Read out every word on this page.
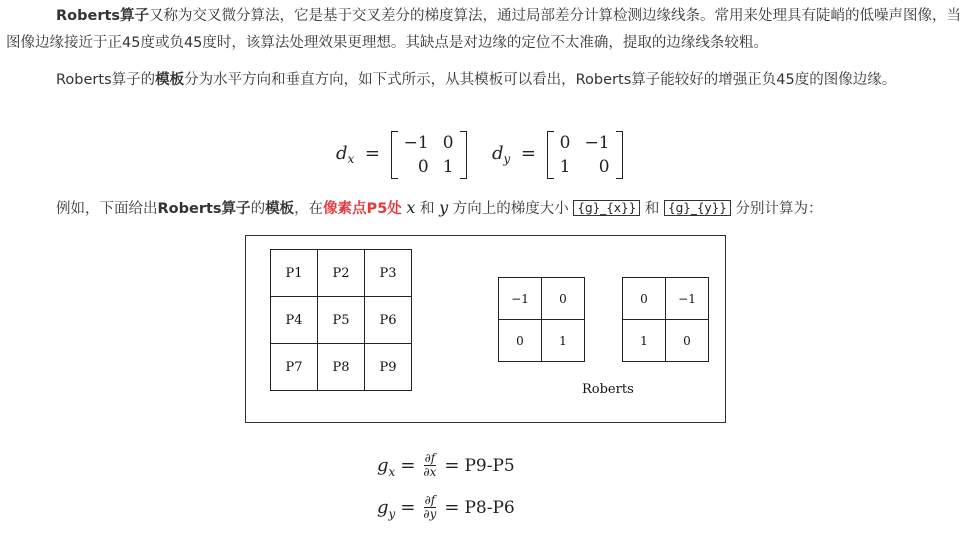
Roberts算子又称为交叉微分算法，它是基于交叉差分的梯度算法，通过局部差分计算检测边缘线条。常用来处理具有陡峭的低噪声图像，当图像边缘接近于正45度或负45度时，该算法处理效果更理想。其缺点是对边缘的定位不太准确，提取的边缘线条较粗。

Roberts算子的模板分为水平方向和垂直方向，如下式所示，从其模板可以看出，Roberts算子能较好的增强正负45度的图像边缘。

$d_x = -1$ 0
0 1
$d_y = 0 -1$
1	0

例如，下面给出Roberts算子的模板，在像素点P5处 x 和 y 方向上的梯度大小 {g}_{x}} 和 {g}_{y}} 分别计算为：

P1	P2	P3
P4	P5	P6
P7	P8	P9
−1	0
0	1
0	−1
1	0
Roberts
$g_x = \frac{\partial f}{\partial x} = P9-P5$
$g_y = \frac{\partial f}{\partial y} = P8-P6$
